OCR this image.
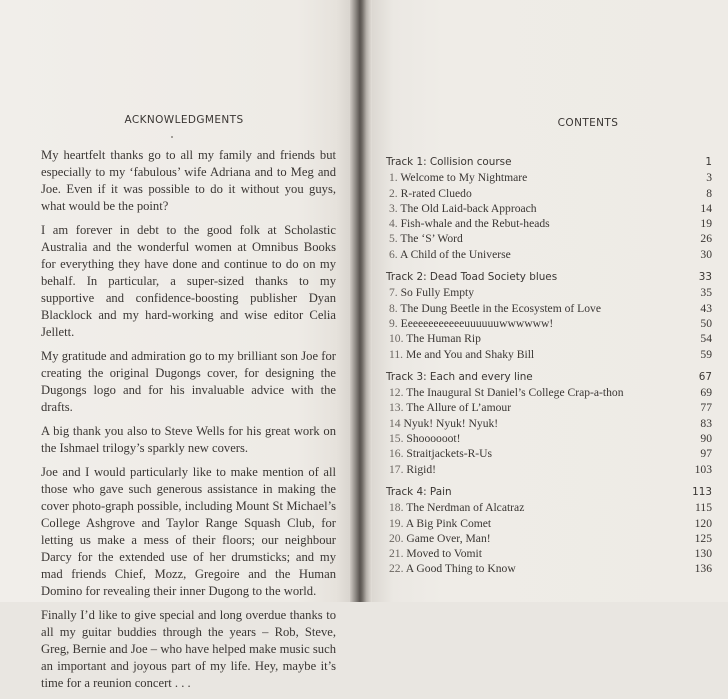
ACKNOWLEDGMENTS

My heartfelt thanks go to all my family and friends but especially to my ‘fabulous’ wife Adriana and to Meg and Joe. Even if it was possible to do it without you guys, what would be the point?

I am forever in debt to the good folk at Scholastic Australia and the wonderful women at Omnibus Books for everything they have done and continue to do on my behalf. In particular, a super-sized thanks to my supportive and confidence-boosting publisher Dyan Blacklock and my hard-working and wise editor Celia Jellett.

My gratitude and admiration go to my brilliant son Joe for creating the original Dugongs cover, for designing the Dugongs logo and for his invaluable advice with the drafts.

A big thank you also to Steve Wells for his great work on the Ishmael trilogy’s sparkly new covers.

Joe and I would particularly like to make mention of all those who gave such generous assistance in making the cover photo-graph possible, including Mount St Michael’s College Ashgrove and Taylor Range Squash Club, for letting us make a mess of their floors; our neighbour Darcy for the extended use of her drumsticks; and my mad friends Chief, Mozz, Gregoire and the Human Domino for revealing their inner Dugong to the world.

Finally I’d like to give special and long overdue thanks to all my guitar buddies through the years – Rob, Steve, Greg, Bernie and Joe – who have helped make music such an important and joyous part of my life. Hey, maybe it’s time for a reunion concert . . .

CONTENTS
Track 1: Collision course	1
1. Welcome to My Nightmare	3
2. R-rated Cluedo	8
3. The Old Laid-back Approach	14
4. Fish-whale and the Rebut-heads	19
5. The ‘S’ Word	26
6. A Child of the Universe	30
Track 2: Dead Toad Society blues	33
7. So Fully Empty	35
8. The Dung Beetle in the Ecosystem of Love	43
9. Eeeeeeeeeeeeuuuuuuwwwwww!	50
10. The Human Rip	54
11. Me and You and Shaky Bill	59
Track 3: Each and every line	67
12. The Inaugural St Daniel’s College Crap-a-thon	69
13. The Allure of L’amour	77
14 Nyuk! Nyuk! Nyuk!	83
15. Shoooooot!	90
16. Straitjackets-R-Us	97
17. Rigid!	103
Track 4: Pain	113
18. The Nerdman of Alcatraz	115
19. A Big Pink Comet	120
20. Game Over, Man!	125
21. Moved to Vomit	130
22. A Good Thing to Know	136
